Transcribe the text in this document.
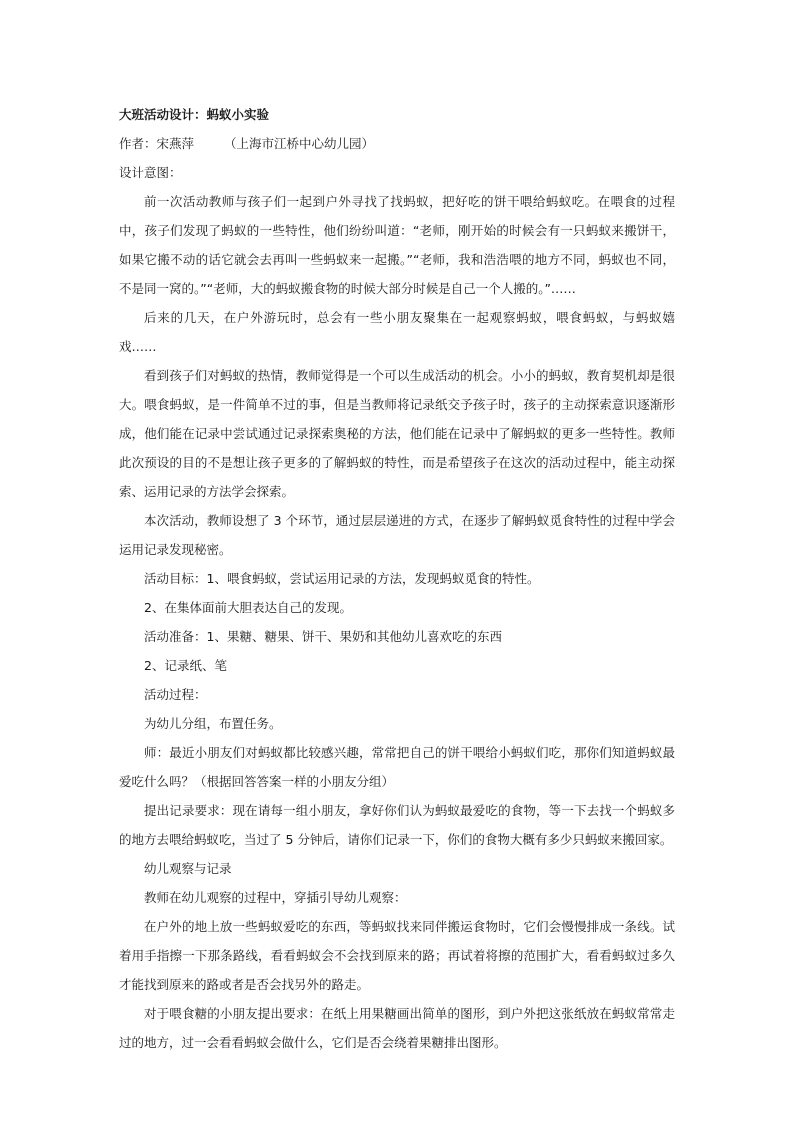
大班活动设计：蚂蚁小实验
作者：宋燕萍 （上海市江桥中心幼儿园）
设计意图：

前一次活动教师与孩子们一起到户外寻找了找蚂蚁，把好吃的饼干喂给蚂蚁吃。在喂食的过程中，孩子们发现了蚂蚁的一些特性，他们纷纷叫道：“老师，刚开始的时候会有一只蚂蚁来搬饼干，如果它搬不动的话它就会去再叫一些蚂蚁来一起搬。”“老师，我和浩浩喂的地方不同，蚂蚁也不同，不是同一窝的。”“老师，大的蚂蚁搬食物的时候大部分时候是自己一个人搬的。”……

后来的几天，在户外游玩时，总会有一些小朋友聚集在一起观察蚂蚁，喂食蚂蚁，与蚂蚁嬉戏……

看到孩子们对蚂蚁的热情，教师觉得是一个可以生成活动的机会。小小的蚂蚁，教育契机却是很大。喂食蚂蚁，是一件简单不过的事，但是当教师将记录纸交予孩子时，孩子的主动探索意识逐渐形成，他们能在记录中尝试通过记录探索奥秘的方法，他们能在记录中了解蚂蚁的更多一些特性。教师此次预设的目的不是想让孩子更多的了解蚂蚁的特性，而是希望孩子在这次的活动过程中，能主动探索、运用记录的方法学会探索。

本次活动，教师设想了 3 个环节，通过层层递进的方式，在逐步了解蚂蚁觅食特性的过程中学会运用记录发现秘密。

活动目标：1、喂食蚂蚁，尝试运用记录的方法，发现蚂蚁觅食的特性。
2、在集体面前大胆表达自己的发现。
活动准备：1、果糖、糖果、饼干、果奶和其他幼儿喜欢吃的东西
2、记录纸、笔
活动过程：
为幼儿分组，布置任务。

师：最近小朋友们对蚂蚁都比较感兴趣，常常把自己的饼干喂给小蚂蚁们吃，那你们知道蚂蚁最爱吃什么吗？（根据回答答案一样的小朋友分组）

提出记录要求：现在请每一组小朋友，拿好你们认为蚂蚁最爱吃的食物，等一下去找一个蚂蚁多的地方去喂给蚂蚁吃，当过了 5 分钟后，请你们记录一下，你们的食物大概有多少只蚂蚁来搬回家。

幼儿观察与记录
教师在幼儿观察的过程中，穿插引导幼儿观察：

在户外的地上放一些蚂蚁爱吃的东西，等蚂蚁找来同伴搬运食物时，它们会慢慢排成一条线。试着用手指擦一下那条路线，看看蚂蚁会不会找到原来的路；再试着将擦的范围扩大，看看蚂蚁过多久才能找到原来的路或者是否会找另外的路走。

对于喂食糖的小朋友提出要求：在纸上用果糖画出简单的图形，到户外把这张纸放在蚂蚁常常走过的地方，过一会看看蚂蚁会做什么，它们是否会绕着果糖排出图形。
